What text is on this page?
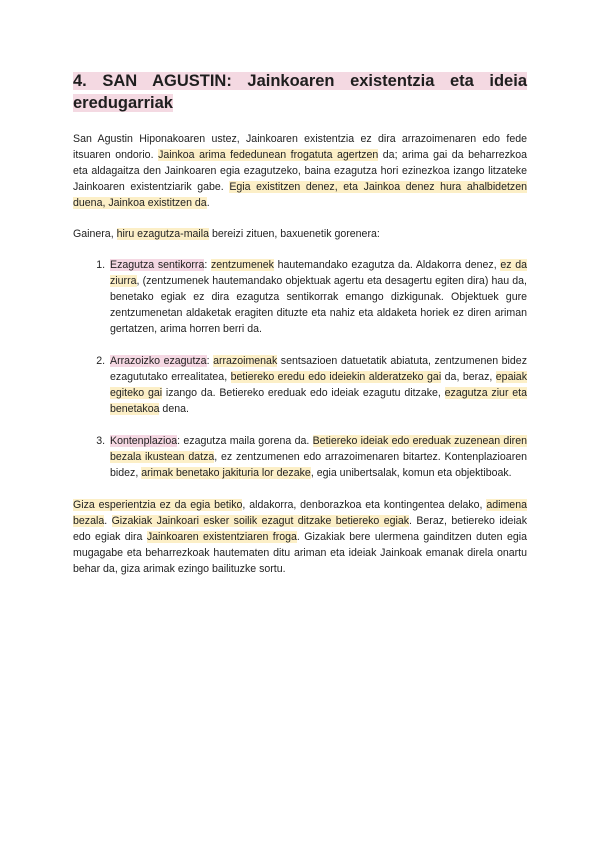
4. SAN AGUSTIN: Jainkoaren existentzia eta ideia eredugarriak

San Agustin Hiponakoaren ustez, Jainkoaren existentzia ez dira arrazoimenaren edo fede itsuaren ondorio. Jainkoa arima fededunean frogatuta agertzen da; arima gai da beharrezkoa eta aldagaitza den Jainkoaren egia ezagutzeko, baina ezagutza hori ezinezkoa izango litzateke Jainkoaren existentziarik gabe. Egia existitzen denez, eta Jainkoa denez hura ahalbidetzen duena, Jainkoa existitzen da.

Gainera, hiru ezagutza-maila bereizi zituen, baxuenetik gorenera:

1. Ezagutza sentikorra: zentzumenek hautemandako ezagutza da. Aldakorra denez, ez da ziurra, (zentzumenek hautemandako objektuak agertu eta desagertu egiten dira) hau da, benetako egiak ez dira ezagutza sentikorrak emango dizkigunak. Objektuek gure zentzumenetan aldaketak eragiten dituzte eta nahiz eta aldaketa horiek ez diren ariman gertatzen, arima horren berri da.
2. Arrazoizko ezagutza: arrazoimenak sentsazioen datuetatik abiatuta, zentzumenen bidez ezagututako errealitatea, betiereko eredu edo ideiekin alderatzeko gai da, beraz, epaiak egiteko gai izango da. Betiereko ereduak edo ideiak ezagutu ditzake, ezagutza ziur eta benetakoa dena.
3. Kontenplazioa: ezagutza maila gorena da. Betiereko ideiak edo ereduak zuzenean diren bezala ikustean datza, ez zentzumenen edo arrazoimenaren bitartez. Kontenplazioaren bidez, arimak benetako jakituria lor dezake, egia unibertsalak, komun eta objektiboak.

Giza esperientzia ez da egia betiko, aldakorra, denborazkoa eta kontingentea delako, adimena bezala. Gizakiak Jainkoari esker soilik ezagut ditzake betiereko egiak. Beraz, betiereko ideiak edo egiak dira Jainkoaren existentziaren froga. Gizakiak bere ulermena gainditzen duten egia mugagabe eta beharrezkoak hautematen ditu ariman eta ideiak Jainkoak emanak direla onartu behar da, giza arimak ezingo bailituzke sortu.
